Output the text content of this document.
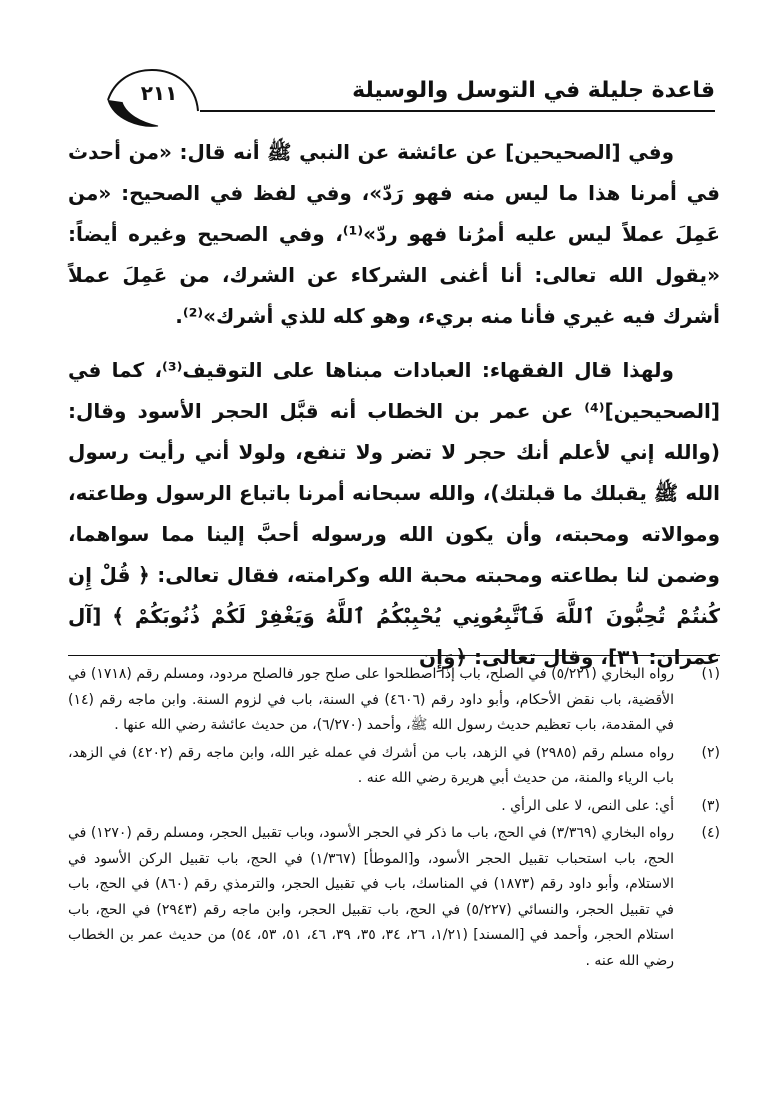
٢١١	قاعدة جليلة في التوسل والوسيلة

وفي [الصحيحين] عن عائشة عن النبي ﷺ أنه قال: «من أحدث في أمرنا هذا ما ليس منه فهو رَدّ»، وفي لفظ في الصحيح: «من عَمِلَ عملاً ليس عليه أمرُنا فهو ردّ»⁽¹⁾، وفي الصحيح وغيره أيضاً: «يقول الله تعالى: أنا أغنى الشركاء عن الشرك، من عَمِلَ عملاً أشرك فيه غيري فأنا منه بريء، وهو كله للذي أشرك»⁽²⁾.

ولهذا قال الفقهاء: العبادات مبناها على التوقيف⁽³⁾، كما في [الصحيحين]⁽⁴⁾ عن عمر بن الخطاب أنه قبَّل الحجر الأسود وقال: (والله إني لأعلم أنك حجر لا تضر ولا تنفع، ولولا أني رأيت رسول الله ﷺ يقبلك ما قبلتك)، والله سبحانه أمرنا باتباع الرسول وطاعته، وموالاته ومحبته، وأن يكون الله ورسوله أحبَّ إلينا مما سواهما، وضمن لنا بطاعته ومحبته محبة الله وكرامته، فقال تعالى: ﴿ قُلْ إِن كُنتُمْ تُحِبُّونَ ٱللَّهَ فَٱتَّبِعُونِي يُحْبِبْكُمُ ٱللَّهُ وَيَغْفِرْ لَكُمْ ذُنُوبَكُمْ ﴾ [آل عمران: ٣١]، وقال تعالى: ﴿وَإِن

(١)
رواه البخاري (٥/٢٢١) في الصلح، باب إذا اصطلحوا على صلح جور فالصلح مردود، ومسلم رقم (١٧١٨) في الأقضية، باب نقض الأحكام، وأبو داود رقم (٤٦٠٦) في السنة، باب في لزوم السنة. وابن ماجه رقم (١٤) في المقدمة، باب تعظيم حديث رسول الله ﷺ، وأحمد (٦/٢٧٠)، من حديث عائشة رضي الله عنها .
(٢)
رواه مسلم رقم (٢٩٨٥) في الزهد، باب من أشرك في عمله غير الله، وابن ماجه رقم (٤٢٠٢) في الزهد، باب الرياء والمنة، من حديث أبي هريرة رضي الله عنه .
(٣)
أي: على النص، لا على الرأي .
(٤)
رواه البخاري (٣/٣٦٩) في الحج، باب ما ذكر في الحجر الأسود، وباب تقبيل الحجر، ومسلم رقم (١٢٧٠) في الحج، باب استحباب تقبيل الحجر الأسود، و[الموطأ] (١/٣٦٧) في الحج، باب تقبيل الركن الأسود في الاستلام، وأبو داود رقم (١٨٧٣) في المناسك، باب في تقبيل الحجر، والترمذي رقم (٨٦٠) في الحج، باب في تقبيل الحجر، والنسائي (٥/٢٢٧) في الحج، باب تقبيل الحجر، وابن ماجه رقم (٢٩٤٣) في الحج، باب استلام الحجر، وأحمد في [المسند] (١/٢١، ٢٦، ٣٤، ٣٥، ٣٩، ٤٦، ٥١، ٥٣، ٥٤) من حديث عمر بن الخطاب رضي الله عنه .
